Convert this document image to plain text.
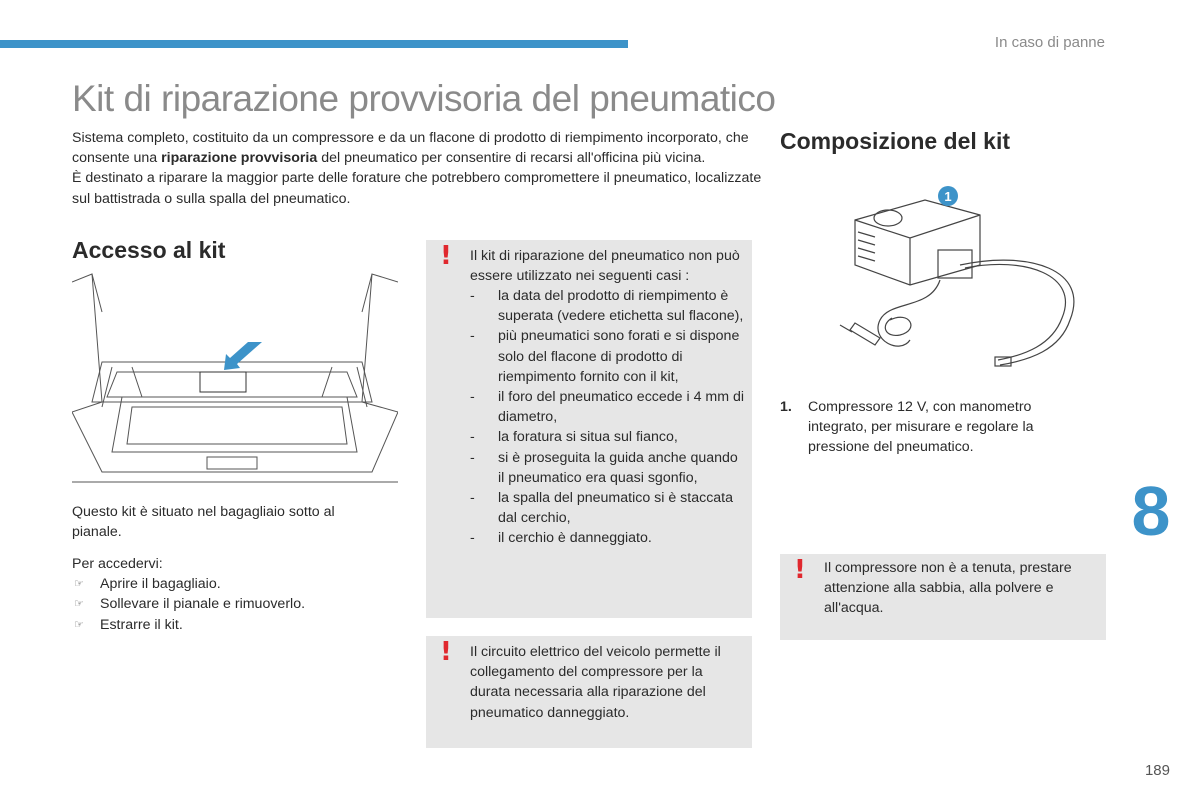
In caso di panne
Kit di riparazione provvisoria del pneumatico

Sistema completo, costituito da un compressore e da un flacone di prodotto di riempimento incorporato, che consente una riparazione provvisoria del pneumatico per consentire di recarsi all'officina più vicina.

È destinato a riparare la maggior parte delle forature che potrebbero compromettere il pneumatico, localizzate sul battistrada o sulla spalla del pneumatico.

Accesso al kit
Questo kit è situato nel bagagliaio sotto al pianale.
Per accedervi:
☞ Aprire il bagagliaio.
☞ Sollevare il pianale e rimuoverlo.
☞ Estrarre il kit.
! Il kit di riparazione del pneumatico non può essere utilizzato nei seguenti casi :
- la data del prodotto di riempimento è superata (vedere etichetta sul flacone),
- più pneumatici sono forati e si dispone solo del flacone di prodotto di riempimento fornito con il kit,
- il foro del pneumatico eccede i 4 mm di diametro,
- la foratura si situa sul fianco,
- si è proseguita la guida anche quando il pneumatico era quasi sgonfio,
- la spalla del pneumatico si è staccata dal cerchio,
- il cerchio è danneggiato.
! Il circuito elettrico del veicolo permette il collegamento del compressore per la durata necessaria alla riparazione del pneumatico danneggiato.
Composizione del kit
1
1. Compressore 12 V, con manometro integrato, per misurare e regolare la pressione del pneumatico.
! Il compressore non è a tenuta, prestare attenzione alla sabbia, alla polvere e all'acqua.
8
189
